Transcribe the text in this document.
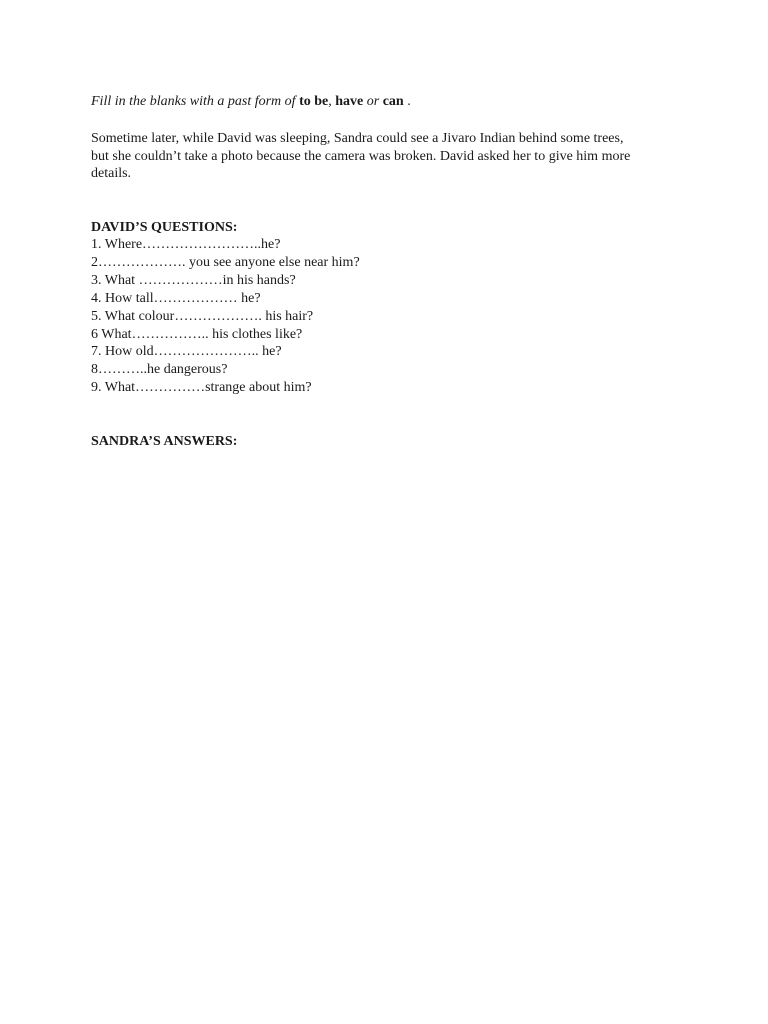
Fill in the blanks with a past form of to be, have or can .

Sometime later, while David was sleeping, Sandra could see a Jivaro Indian behind some trees,

but she couldn’t take a photo because the camera was broken. David asked her to give him more

details.

DAVID’S QUESTIONS:
1. Where……………………..he?
2………………. you see anyone else near him?
3. What ………………in his hands?
4. How tall……………… he?
5. What colour………………. his hair?
6 What…………….. his clothes like?
7. How old………………….. he?
8………..he dangerous?
9. What……………strange about him?
SANDRA’S ANSWERS:
